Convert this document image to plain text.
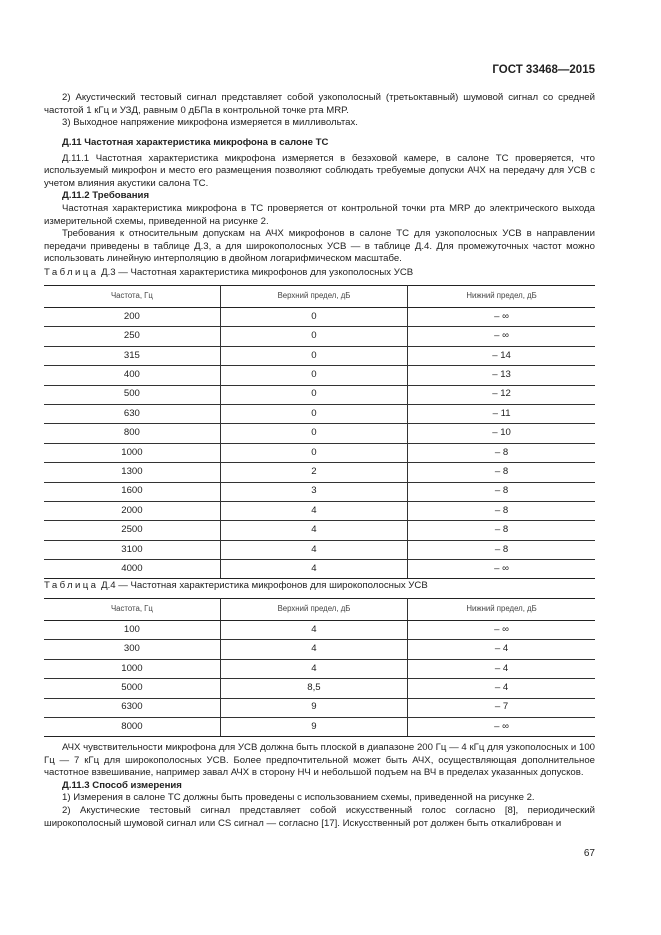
ГОСТ 33468—2015

2) Акустический тестовый сигнал представляет собой узкополосный (третьоктавный) шумовой сигнал со средней частотой 1 кГц и УЗД, равным 0 дБПа в контрольной точке рта MRP.

3) Выходное напряжение микрофона измеряется в милливольтах.

Д.11 Частотная характеристика микрофона в салоне ТС

Д.11.1 Частотная характеристика микрофона измеряется в безэховой камере, в салоне ТС проверяется, что используемый микрофон и место его размещения позволяют соблюдать требуемые допуски АЧХ на передачу для УСВ с учетом влияния акустики салона ТС.

Д.11.2 Требования

Частотная характеристика микрофона в ТС проверяется от контрольной точки рта MRP до электрического выхода измерительной схемы, приведенной на рисунке 2.

Требования к относительным допускам на АЧХ микрофонов в салоне ТС для узкополосных УСВ в направлении передачи приведены в таблице Д.3, а для широкополосных УСВ — в таблице Д.4. Для промежуточных частот можно использовать линейную интерполяцию в двойном логарифмическом масштабе.

Таблица Д.3 — Частотная характеристика микрофонов для узкополосных УСВ
Частота, Гц	Верхний предел, дБ	Нижний предел, дБ
200	0	– ∞
250	0	– ∞
315	0	– 14
400	0	– 13
500	0	– 12
630	0	– 11
800	0	– 10
1000	0	– 8
1300	2	– 8
1600	3	– 8
2000	4	– 8
2500	4	– 8
3100	4	– 8
4000	4	– ∞
Таблица Д.4 — Частотная характеристика микрофонов для широкополосных УСВ
Частота, Гц	Верхний предел, дБ	Нижний предел, дБ
100	4	– ∞
300	4	– 4
1000	4	– 4
5000	8,5	– 4
6300	9	– 7
8000	9	– ∞

АЧХ чувствительности микрофона для УСВ должна быть плоской в диапазоне 200 Гц — 4 кГц для узкополосных и 100 Гц — 7 кГц для широкополосных УСВ. Более предпочтительной может быть АЧХ, осуществляющая дополнительное частотное взвешивание, например завал АЧХ в сторону НЧ и небольшой подъем на ВЧ в пределах указанных допусков.

Д.11.3 Способ измерения

1) Измерения в салоне ТС должны быть проведены с использованием схемы, приведенной на рисунке 2.

2) Акустические тестовый сигнал представляет собой искусственный голос согласно [8], периодический широкополосный шумовой сигнал или CS сигнал — согласно [17]. Искусственный рот должен быть откалиброван и

67
